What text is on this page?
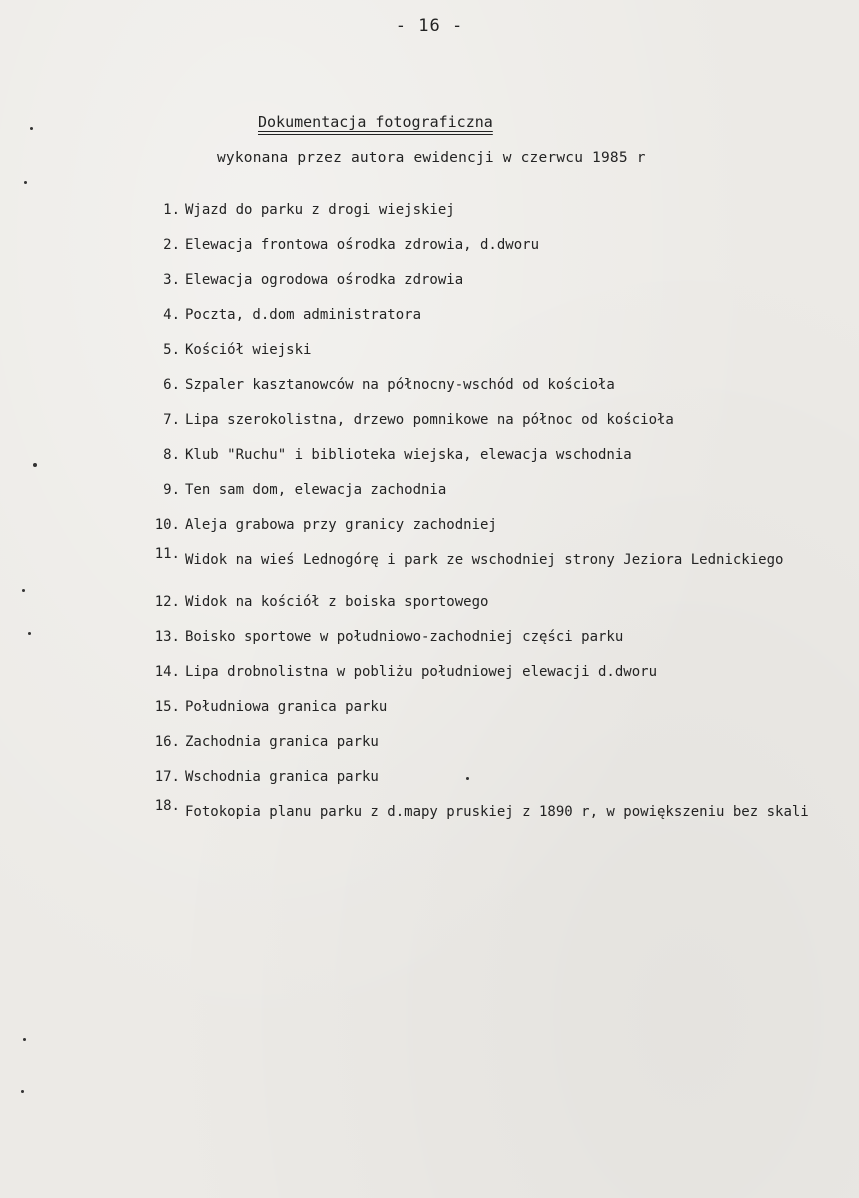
- 16 -
Dokumentacja fotograficzna
wykonana przez autora ewidencji w czerwcu 1985 r
1. Wjazd do parku z drogi wiejskiej
2. Elewacja frontowa ośrodka zdrowia, d.dworu
3. Elewacja ogrodowa ośrodka zdrowia
4. Poczta, d.dom administratora
5. Kościół wiejski
6. Szpaler kasztanowców na północny-wschód od kościoła
7. Lipa szerokolistna, drzewo pomnikowe na północ od kościoła
8. Klub "Ruchu" i biblioteka wiejska, elewacja wschodnia
9. Ten sam dom, elewacja zachodnia
10. Aleja grabowa przy granicy zachodniej
11. Widok na wieś Lednogórę i park ze wschodniej strony Jeziora Lednickiego
12. Widok na kościół z boiska sportowego
13. Boisko sportowe w południowo-zachodniej części parku
14. Lipa drobnolistna w pobliżu południowej elewacji d.dworu
15. Południowa granica parku
16. Zachodnia granica parku
17. Wschodnia granica parku
18. Fotokopia planu parku z d.mapy pruskiej z 1890 r, w powiększeniu bez skali
